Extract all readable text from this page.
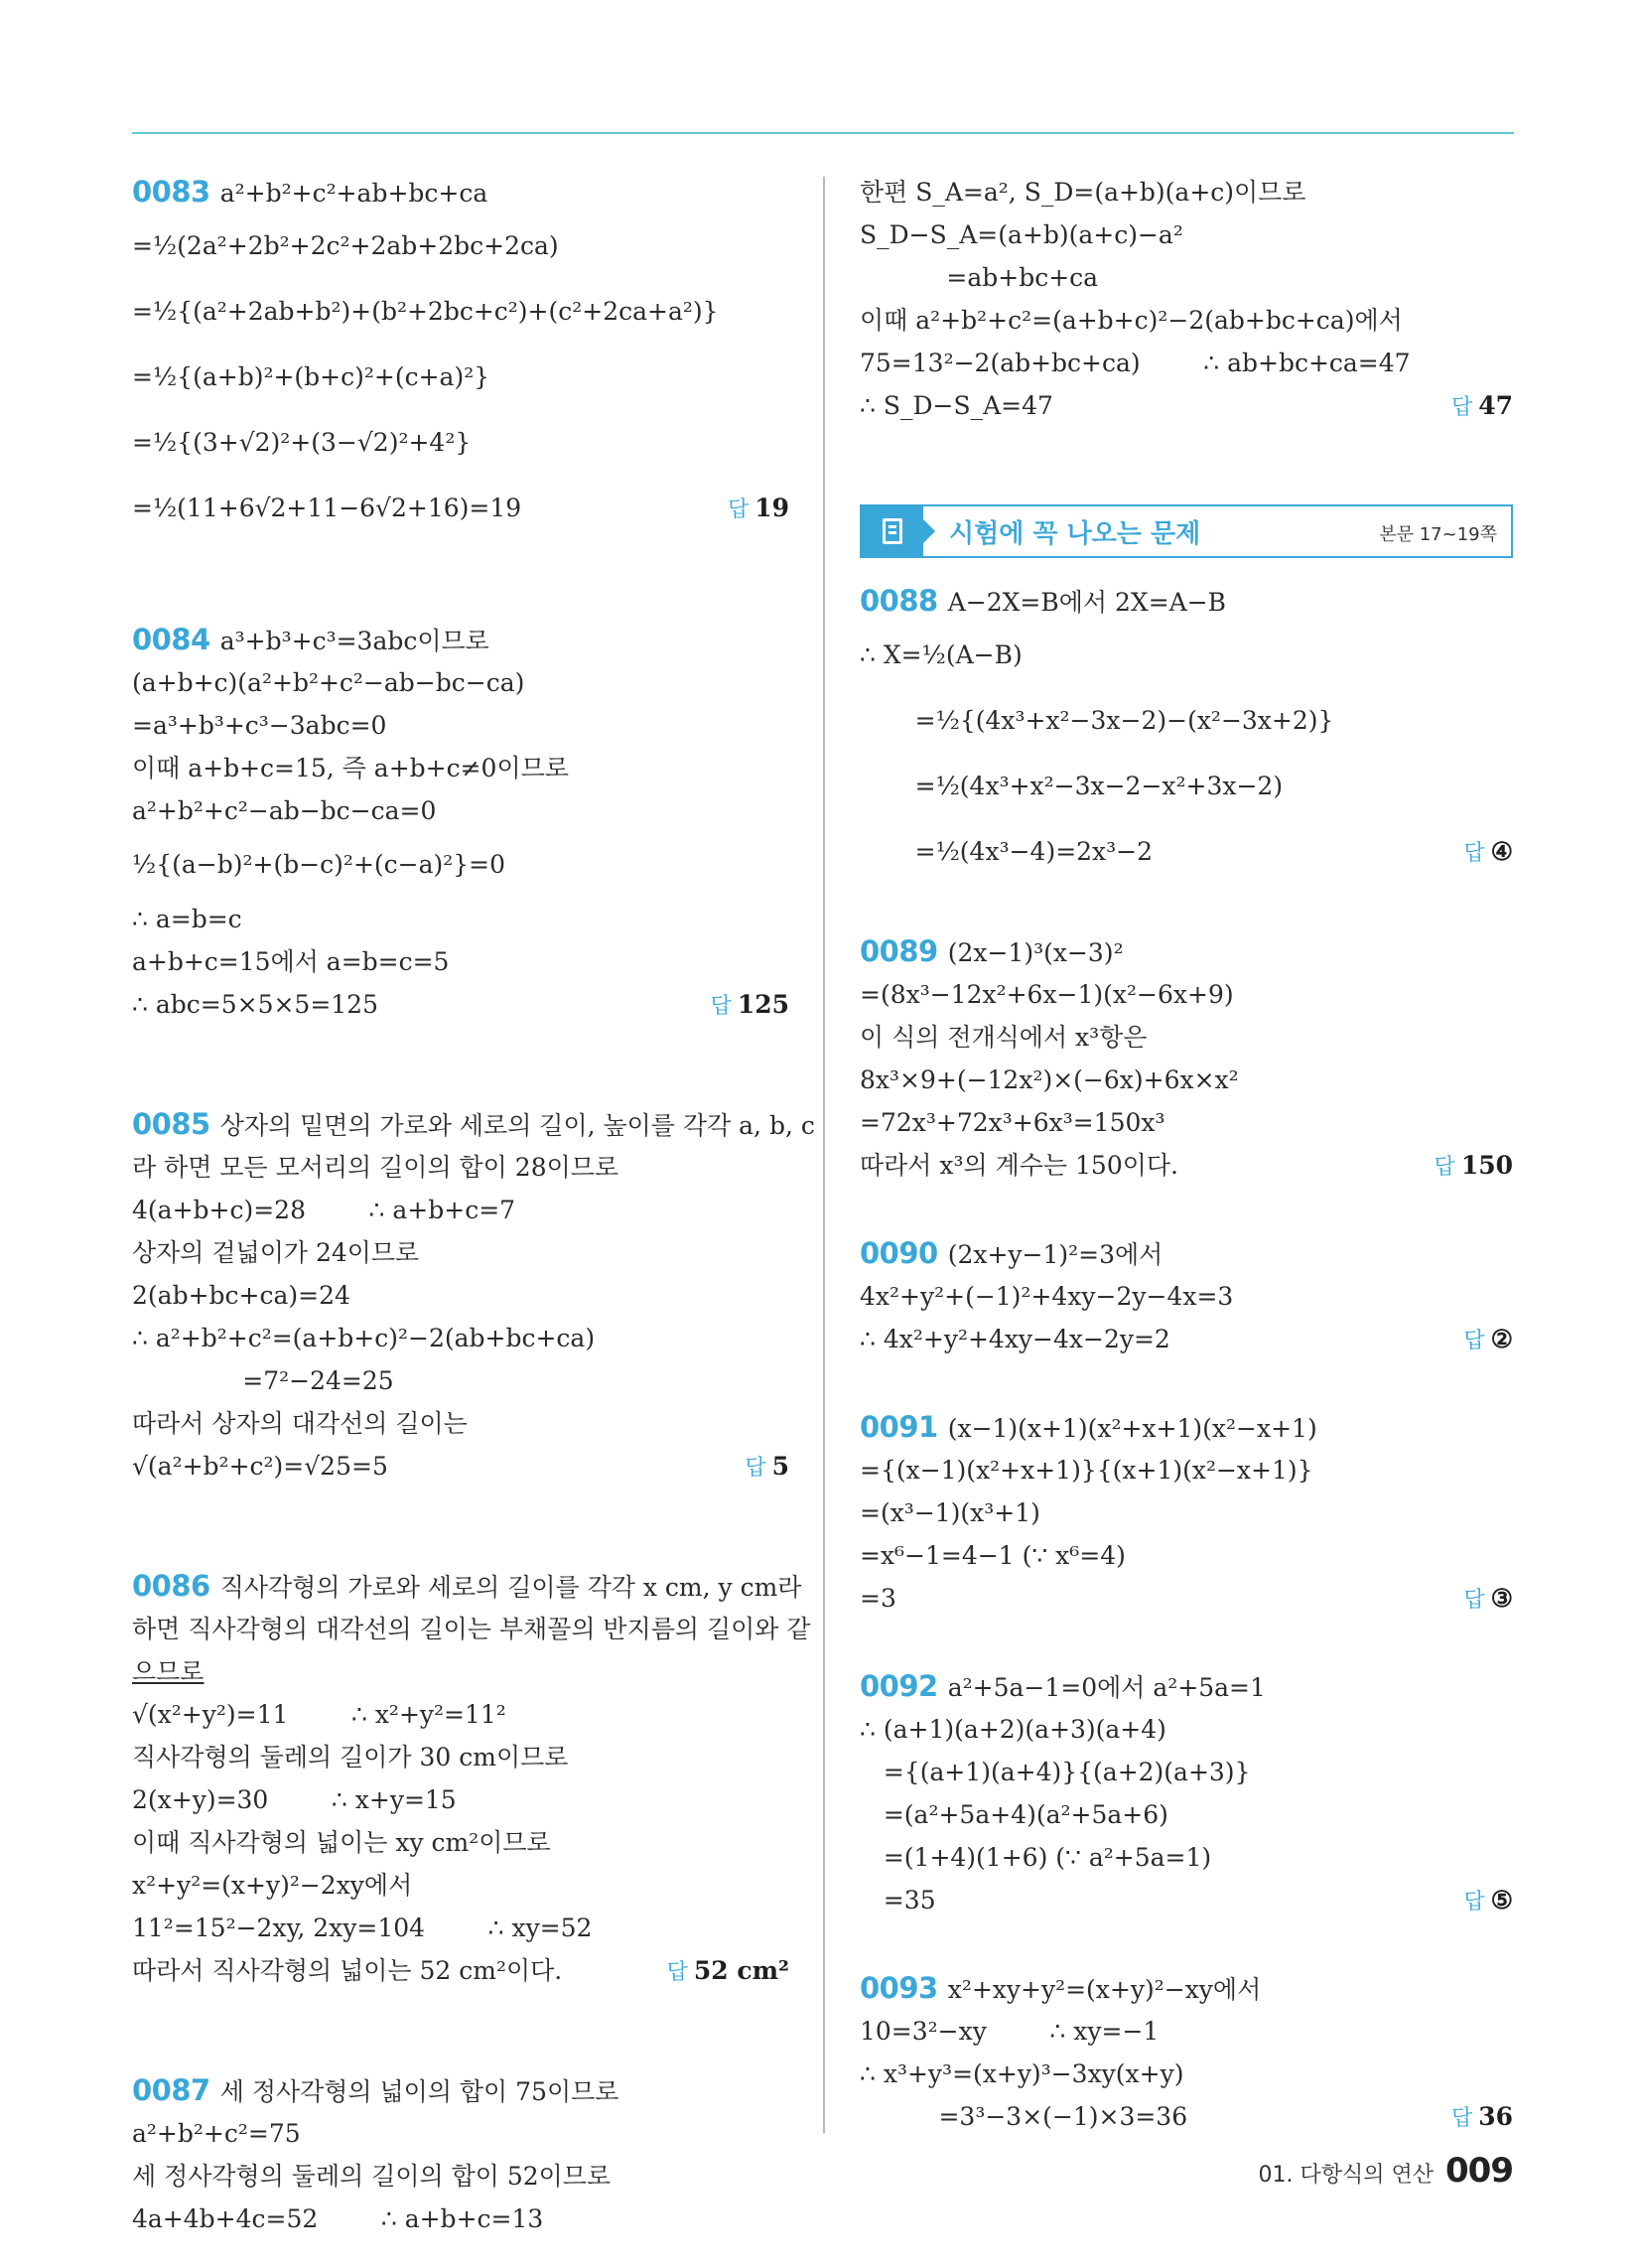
0083 a²+b²+c²+ab+bc+ca
=½(2a²+2b²+2c²+2ab+2bc+2ca)
=½{(a²+2ab+b²)+(b²+2bc+c²)+(c²+2ca+a²)}
=½{(a+b)²+(b+c)²+(c+a)²}
=½{(3+√2)²+(3−√2)²+4²}
=½(11+6√2+11−6√2+16)=19	답 19
0084 a³+b³+c³=3abc이므로
(a+b+c)(a²+b²+c²−ab−bc−ca)
=a³+b³+c³−3abc=0
이때 a+b+c=15, 즉 a+b+c≠0이므로
a²+b²+c²−ab−bc−ca=0
½{(a−b)²+(b−c)²+(c−a)²}=0
∴ a=b=c
a+b+c=15에서 a=b=c=5
∴ abc=5×5×5=125	답 125
0085 상자의 밑면의 가로와 세로의 길이, 높이를 각각 a, b, c
라 하면 모든 모서리의 길이의 합이 28이므로
4(a+b+c)=28        ∴ a+b+c=7
상자의 겉넓이가 24이므로
2(ab+bc+ca)=24
∴ a²+b²+c²=(a+b+c)²−2(ab+bc+ca)
=7²−24=25
따라서 상자의 대각선의 길이는
√(a²+b²+c²)=√25=5	답 5
0086 직사각형의 가로와 세로의 길이를 각각 x cm, y cm라
하면 직사각형의 대각선의 길이는 부채꼴의 반지름의 길이와 같
으므로
√(x²+y²)=11        ∴ x²+y²=11²
직사각형의 둘레의 길이가 30 cm이므로
2(x+y)=30        ∴ x+y=15
이때 직사각형의 넓이는 xy cm²이므로
x²+y²=(x+y)²−2xy에서
11²=15²−2xy, 2xy=104        ∴ xy=52
따라서 직사각형의 넓이는 52 cm²이다.	답 52 cm²
0087 세 정사각형의 넓이의 합이 75이므로
a²+b²+c²=75
세 정사각형의 둘레의 길이의 합이 52이므로
4a+4b+4c=52        ∴ a+b+c=13
한편 S_A=a², S_D=(a+b)(a+c)이므로
S_D−S_A=(a+b)(a+c)−a²
=ab+bc+ca
이때 a²+b²+c²=(a+b+c)²−2(ab+bc+ca)에서
75=13²−2(ab+bc+ca)        ∴ ab+bc+ca=47
∴ S_D−S_A=47	답 47
시험에 꼭 나오는 문제	본문 17~19쪽
0088 A−2X=B에서 2X=A−B
∴ X=½(A−B)
=½{(4x³+x²−3x−2)−(x²−3x+2)}
=½(4x³+x²−3x−2−x²+3x−2)
=½(4x³−4)=2x³−2	답 ④
0089 (2x−1)³(x−3)²
=(8x³−12x²+6x−1)(x²−6x+9)
이 식의 전개식에서 x³항은
8x³×9+(−12x²)×(−6x)+6x×x²
=72x³+72x³+6x³=150x³
따라서 x³의 계수는 150이다.	답 150
0090 (2x+y−1)²=3에서
4x²+y²+(−1)²+4xy−2y−4x=3
∴ 4x²+y²+4xy−4x−2y=2	답 ②
0091 (x−1)(x+1)(x²+x+1)(x²−x+1)
={(x−1)(x²+x+1)}{(x+1)(x²−x+1)}
=(x³−1)(x³+1)
=x⁶−1=4−1 (∵ x⁶=4)
=3	답 ③
0092 a²+5a−1=0에서 a²+5a=1
∴ (a+1)(a+2)(a+3)(a+4)
={(a+1)(a+4)}{(a+2)(a+3)}
=(a²+5a+4)(a²+5a+6)
=(1+4)(1+6) (∵ a²+5a=1)
=35	답 ⑤
0093 x²+xy+y²=(x+y)²−xy에서
10=3²−xy        ∴ xy=−1
∴ x³+y³=(x+y)³−3xy(x+y)
=3³−3×(−1)×3=36	답 36
01. 다항식의 연산 009
